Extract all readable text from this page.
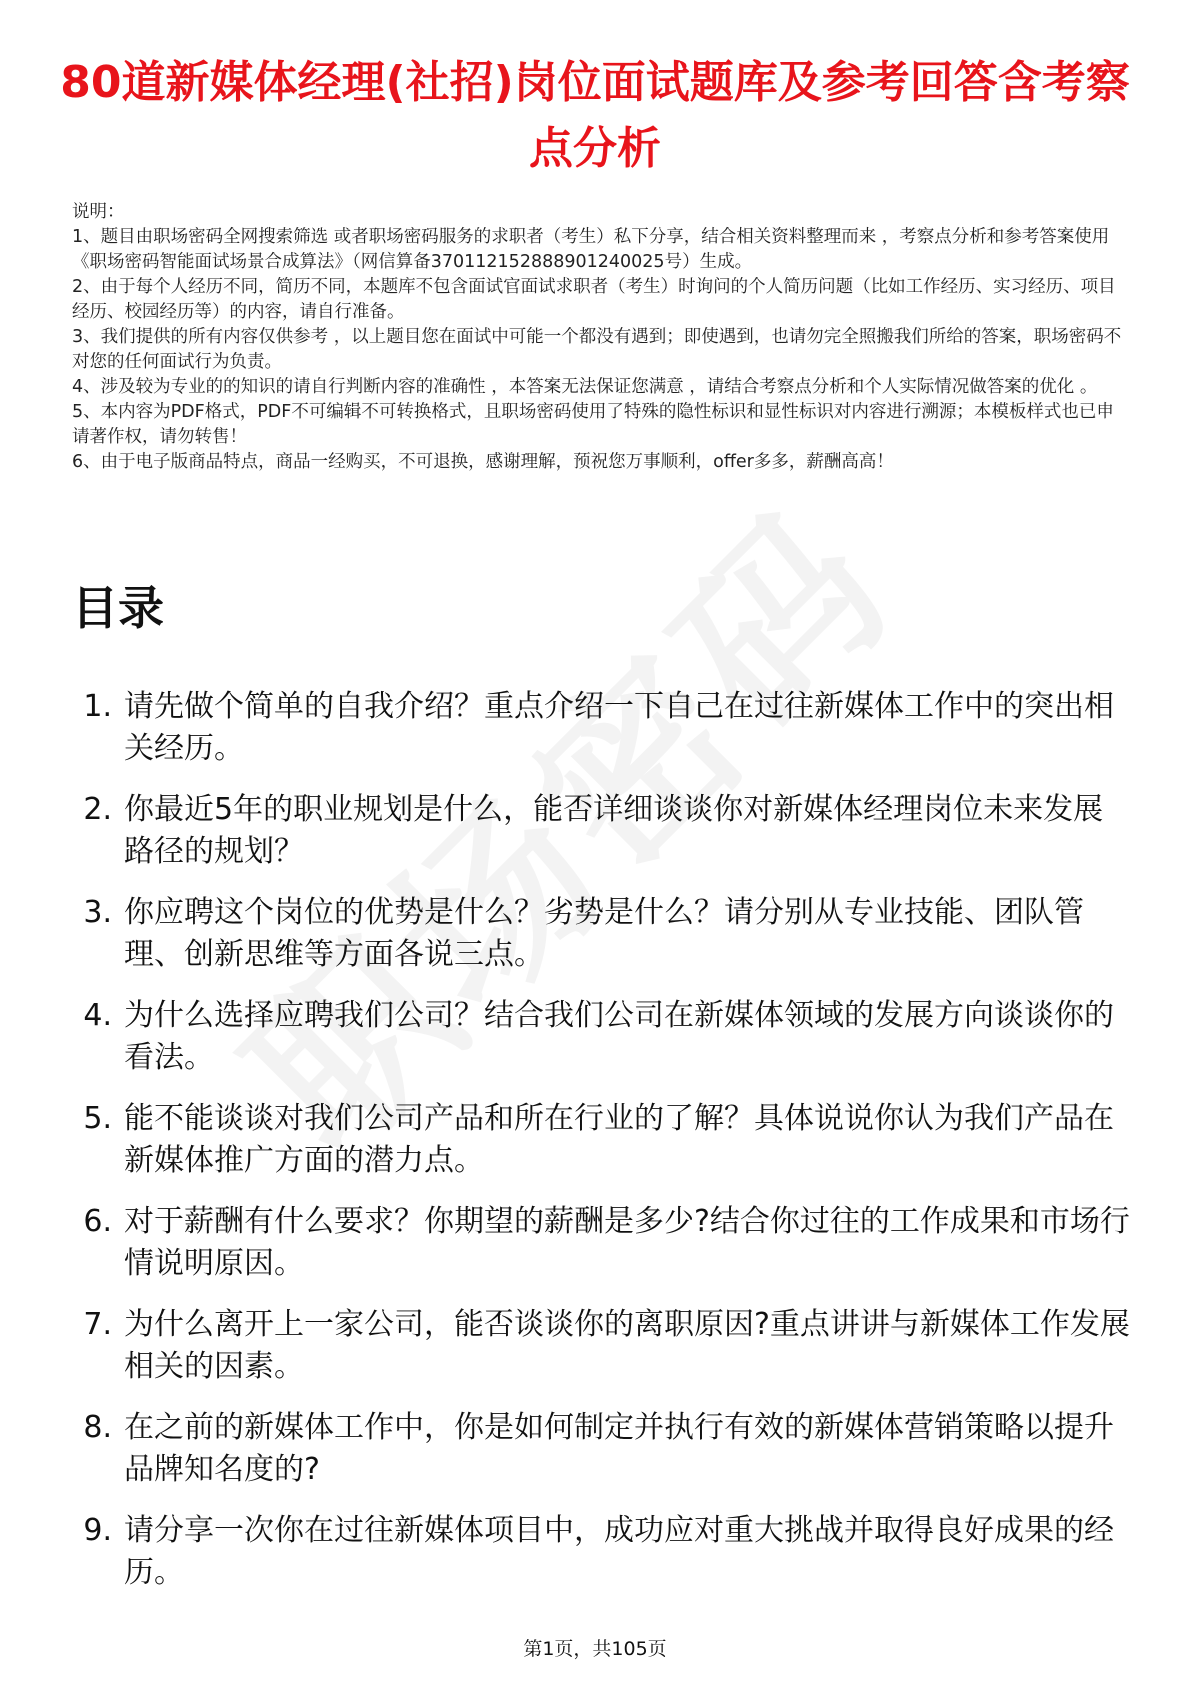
80道新媒体经理(社招)岗位面试题库及参考回答含考察点分析

说明：

1、题目由职场密码全网搜索筛选 或者职场密码服务的求职者（考生）私下分享，结合相关资料整理而来 ，考察点分析和参考答案使用《职场密码智能面试场景合成算法》（网信算备370112152888901240025号）生成。

2、由于每个人经历不同，简历不同，本题库不包含面试官面试求职者（考生）时询问的个人简历问题（比如工作经历、实习经历、项目经历、校园经历等）的内容，请自行准备。

3、我们提供的所有内容仅供参考 ，以上题目您在面试中可能一个都没有遇到；即使遇到，也请勿完全照搬我们所给的答案，职场密码不对您的任何面试行为负责。

4、涉及较为专业的的知识的请自行判断内容的准确性 ，本答案无法保证您满意 ，请结合考察点分析和个人实际情况做答案的优化 。

5、本内容为PDF格式，PDF不可编辑不可转换格式，且职场密码使用了特殊的隐性标识和显性标识对内容进行溯源；本模板样式也已申请著作权，请勿转售！

6、由于电子版商品特点，商品一经购买，不可退换，感谢理解，预祝您万事顺利，offer多多，薪酬高高！

目录
1. 请先做个简单的自我介绍？重点介绍一下自己在过往新媒体工作中的突出相关经历。
2. 你最近5年的职业规划是什么，能否详细谈谈你对新媒体经理岗位未来发展路径的规划？
3. 你应聘这个岗位的优势是什么？劣势是什么？请分别从专业技能、团队管理、创新思维等方面各说三点。
4. 为什么选择应聘我们公司？结合我们公司在新媒体领域的发展方向谈谈你的看法。
5. 能不能谈谈对我们公司产品和所在行业的了解？具体说说你认为我们产品在新媒体推广方面的潜力点。
6. 对于薪酬有什么要求？你期望的薪酬是多少?结合你过往的工作成果和市场行情说明原因。
7. 为什么离开上一家公司，能否谈谈你的离职原因?重点讲讲与新媒体工作发展相关的因素。
8. 在之前的新媒体工作中，你是如何制定并执行有效的新媒体营销策略以提升品牌知名度的?
9. 请分享一次你在过往新媒体项目中，成功应对重大挑战并取得良好成果的经历。
第1页，共105页
